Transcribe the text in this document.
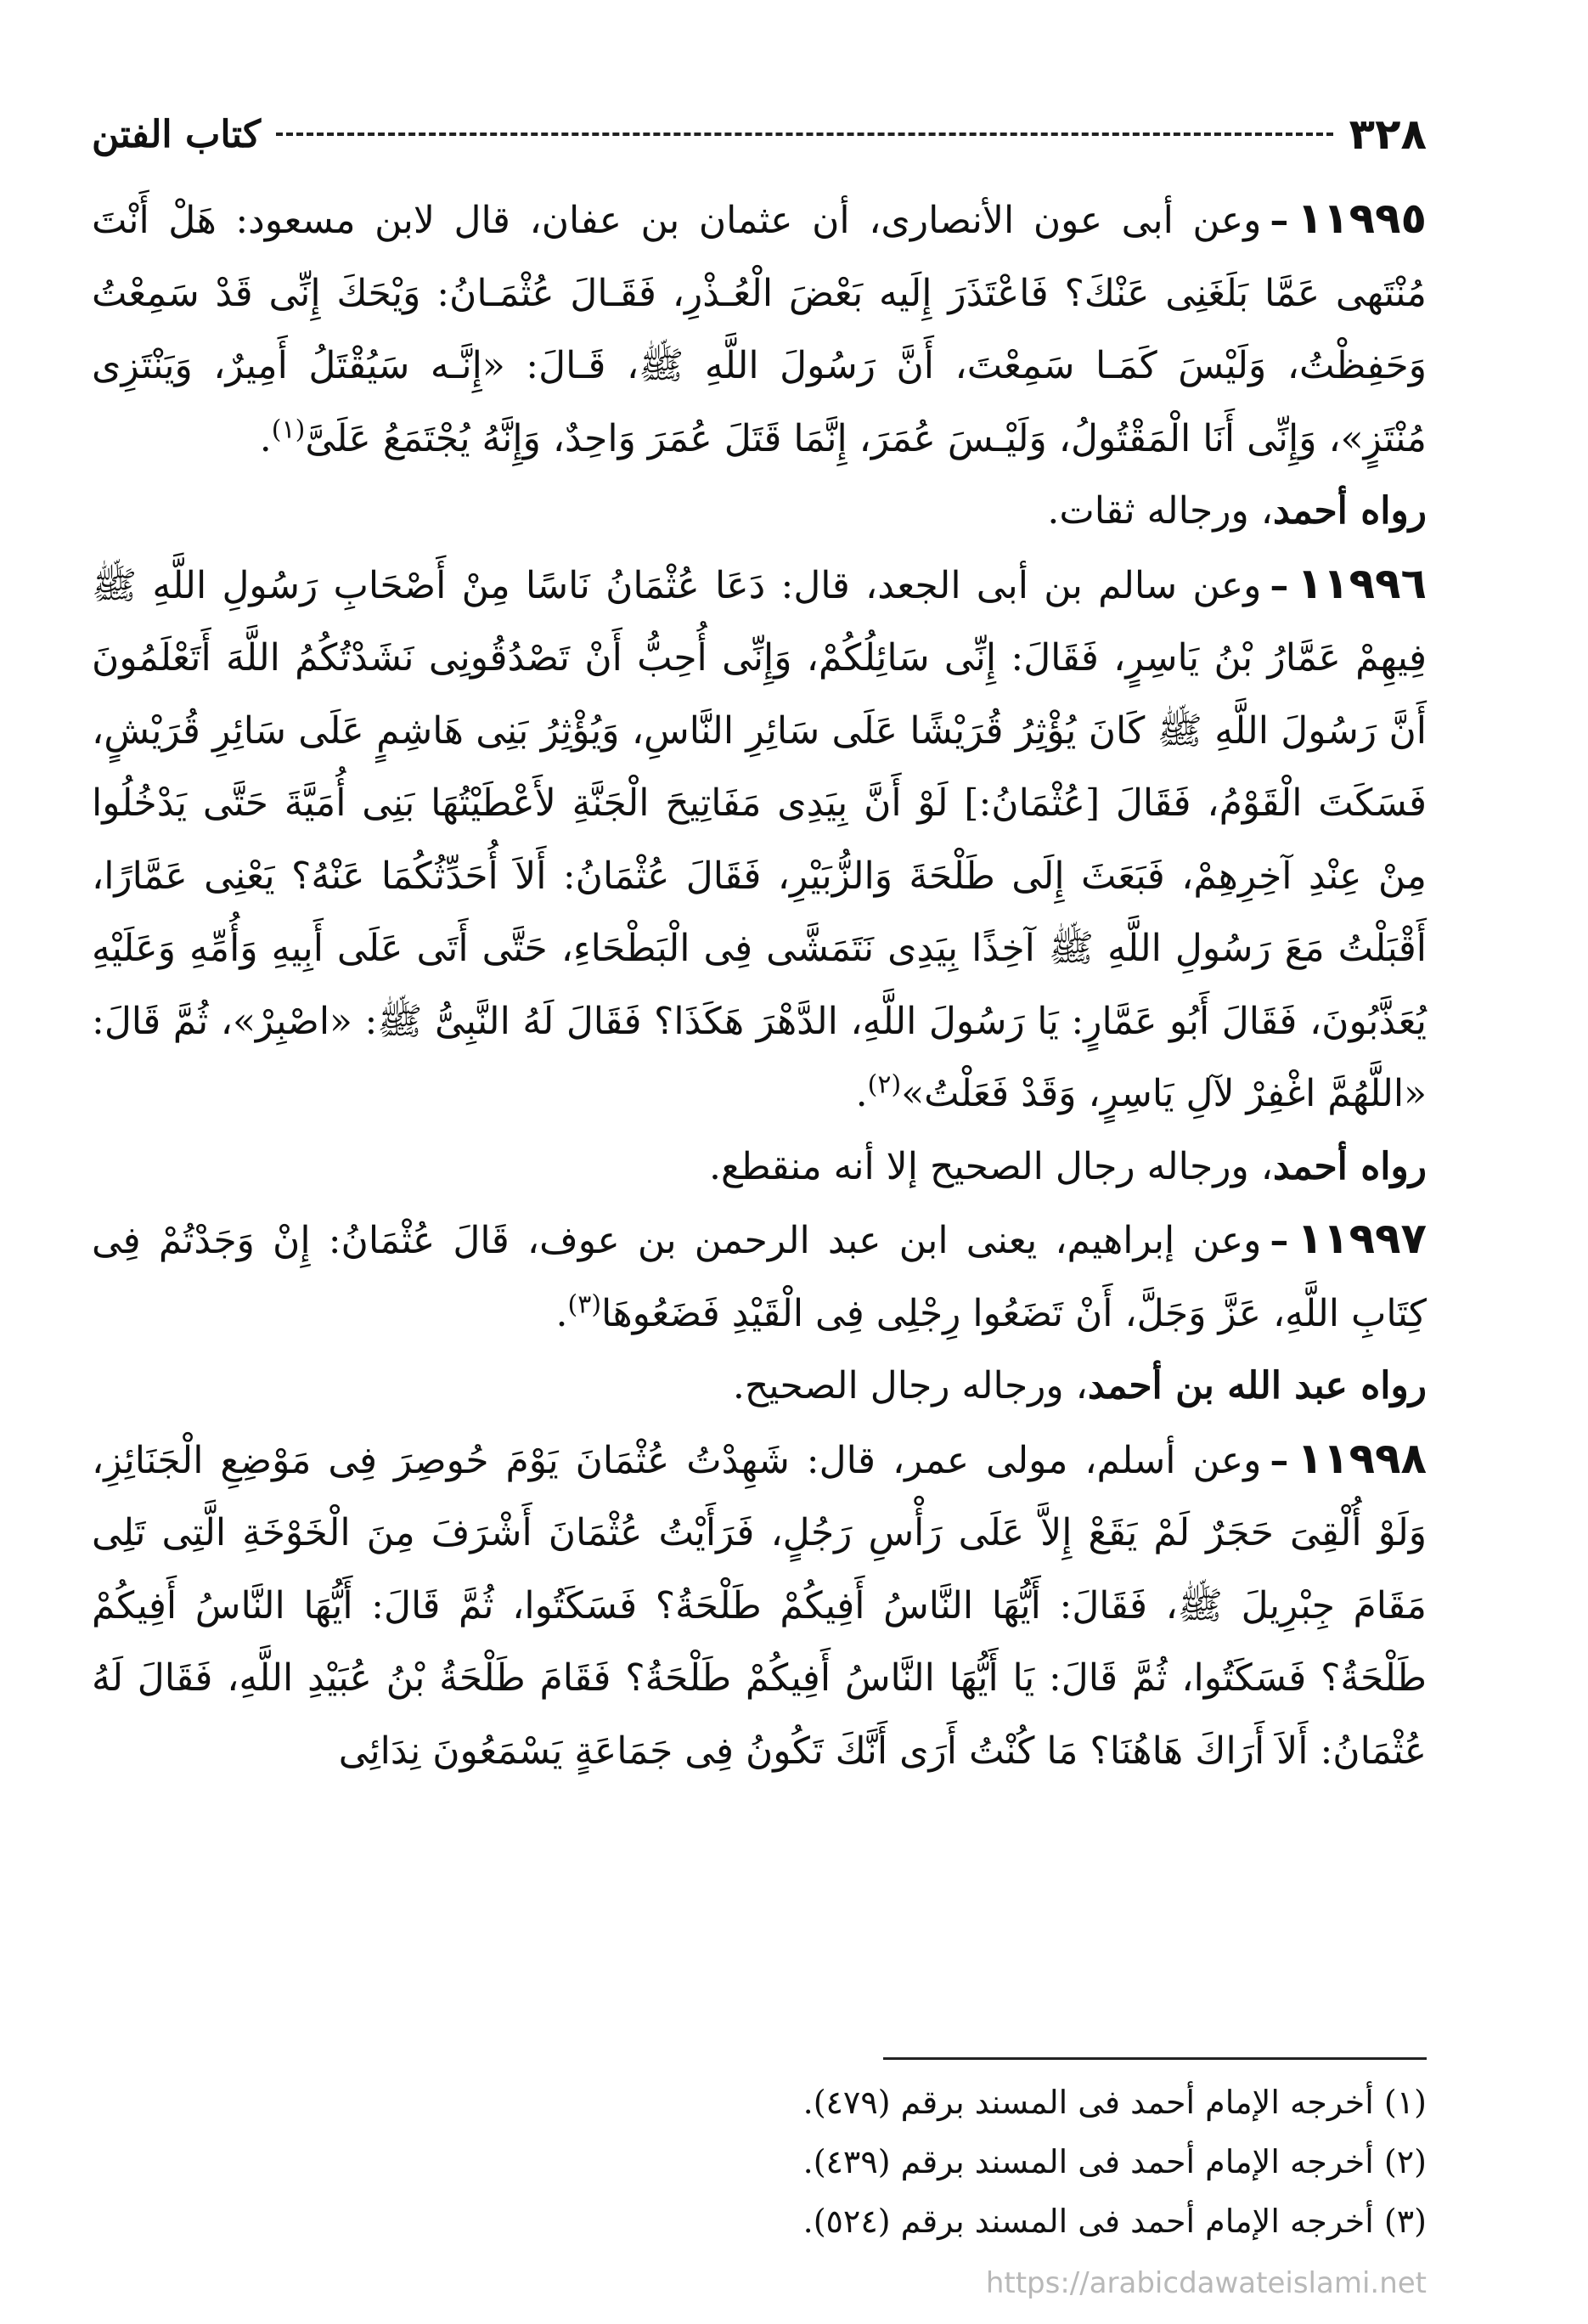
٣٢٨
كتاب الفتن

١١٩٩٥–وعن أبى عون الأنصارى، أن عثمان بن عفان، قال لابن مسعود: هَلْ أَنْتَ مُنْتَهى عَمَّا بَلَغَنِى عَنْكَ؟ فَاعْتَذَرَ إِلَيه بَعْضَ الْعُـذْرِ، فَقَـالَ عُثْمَـانُ: وَيْحَكَ إِنِّى قَدْ سَمِعْتُ وَحَفِظْتُ، وَلَيْسَ كَمَـا سَمِعْتَ، أَنَّ رَسُولَ اللَّهِ ﷺ، قَـالَ: «إِنَّـه سَيُقْتَلُ أَمِيرٌ، وَيَنْتَزِى مُنْتَزٍ»، وَإِنِّى أَنَا الْمَقْتُولُ، وَلَيْـسَ عُمَرَ، إِنَّمَا قَتَلَ عُمَرَ وَاحِدٌ، وَإِنَّهُ يُجْتَمَعُ عَلَىَّ$^{(١)}$.

رواه أحمد، ورجاله ثقات.

١١٩٩٦–وعن سالم بن أبى الجعد، قال: دَعَا عُثْمَانُ نَاسًا مِنْ أَصْحَابِ رَسُولِ اللَّهِ ﷺ فِيهِمْ عَمَّارُ بْنُ يَاسِرٍ، فَقَالَ: إِنِّى سَائِلُكُمْ، وَإِنِّى أُحِبُّ أَنْ تَصْدُقُونِى نَشَدْتُكُمُ اللَّهَ أَتَعْلَمُونَ أَنَّ رَسُولَ اللَّهِ ﷺ كَانَ يُؤْثِرُ قُرَيْشًا عَلَى سَائِرِ النَّاسِ، وَيُؤْثِرُ بَنِى هَاشِمٍ عَلَى سَائِرِ قُرَيْشٍ، فَسَكَتَ الْقَوْمُ، فَقَالَ [عُثْمَانُ:] لَوْ أَنَّ بِيَدِى مَفَاتِيحَ الْجَنَّةِ لأَعْطَيْتُهَا بَنِى أُمَيَّةَ حَتَّى يَدْخُلُوا مِنْ عِنْدِ آخِرِهِمْ، فَبَعَثَ إِلَى طَلْحَةَ وَالزُّبَيْرِ، فَقَالَ عُثْمَانُ: أَلاَ أُحَدِّثُكُمَا عَنْهُ؟ يَعْنِى عَمَّارًا، أَقْبَلْتُ مَعَ رَسُولِ اللَّهِ ﷺ آخِذًا بِيَدِى نَتَمَشَّى فِى الْبَطْحَاءِ، حَتَّى أَتَى عَلَى أَبِيهِ وَأُمِّهِ وَعَلَيْهِ يُعَذَّبُونَ، فَقَالَ أَبُو عَمَّارٍ: يَا رَسُولَ اللَّهِ، الدَّهْرَ هَكَذَا؟ فَقَالَ لَهُ النَّبِىُّ ﷺ: «اصْبِرْ»، ثُمَّ قَالَ: «اللَّهُمَّ اغْفِرْ لآلِ يَاسِرٍ، وَقَدْ فَعَلْتُ»$^{(٢)}$.

رواه أحمد، ورجاله رجال الصحيح إلا أنه منقطع.

١١٩٩٧–وعن إبراهيم، يعنى ابن عبد الرحمن بن عوف، قَالَ عُثْمَانُ: إِنْ وَجَدْتُمْ فِى كِتَابِ اللَّهِ، عَزَّ وَجَلَّ، أَنْ تَضَعُوا رِجْلِى فِى الْقَيْدِ فَضَعُوهَا$^{(٣)}$.

رواه عبد الله بن أحمد، ورجاله رجال الصحيح.

١١٩٩٨–وعن أسلم، مولى عمر، قال: شَهِدْتُ عُثْمَانَ يَوْمَ حُوصِرَ فِى مَوْضِعِ الْجَنَائِزِ، وَلَوْ أُلْقِىَ حَجَرٌ لَمْ يَقَعْ إِلاَّ عَلَى رَأْسِ رَجُلٍ، فَرَأَيْتُ عُثْمَانَ أَشْرَفَ مِنَ الْخَوْخَةِ الَّتِى تَلِى مَقَامَ جِبْرِيلَ ﷺ، فَقَالَ: أَيُّهَا النَّاسُ أَفِيكُمْ طَلْحَةُ؟ فَسَكَتُوا، ثُمَّ قَالَ: أَيُّهَا النَّاسُ أَفِيكُمْ طَلْحَةُ؟ فَسَكَتُوا، ثُمَّ قَالَ: يَا أَيُّهَا النَّاسُ أَفِيكُمْ طَلْحَةُ؟ فَقَامَ طَلْحَةُ بْنُ عُبَيْدِ اللَّهِ، فَقَالَ لَهُ عُثْمَانُ: أَلاَ أَرَاكَ هَاهُنَا؟ مَا كُنْتُ أَرَى أَنَّكَ تَكُونُ فِى جَمَاعَةٍ يَسْمَعُونَ نِدَائِى

(١) أخرجه الإمام أحمد فى المسند برقم (٤٧٩).

(٢) أخرجه الإمام أحمد فى المسند برقم (٤٣٩).

(٣) أخرجه الإمام أحمد فى المسند برقم (٥٢٤).

https://arabicdawateislami.net
